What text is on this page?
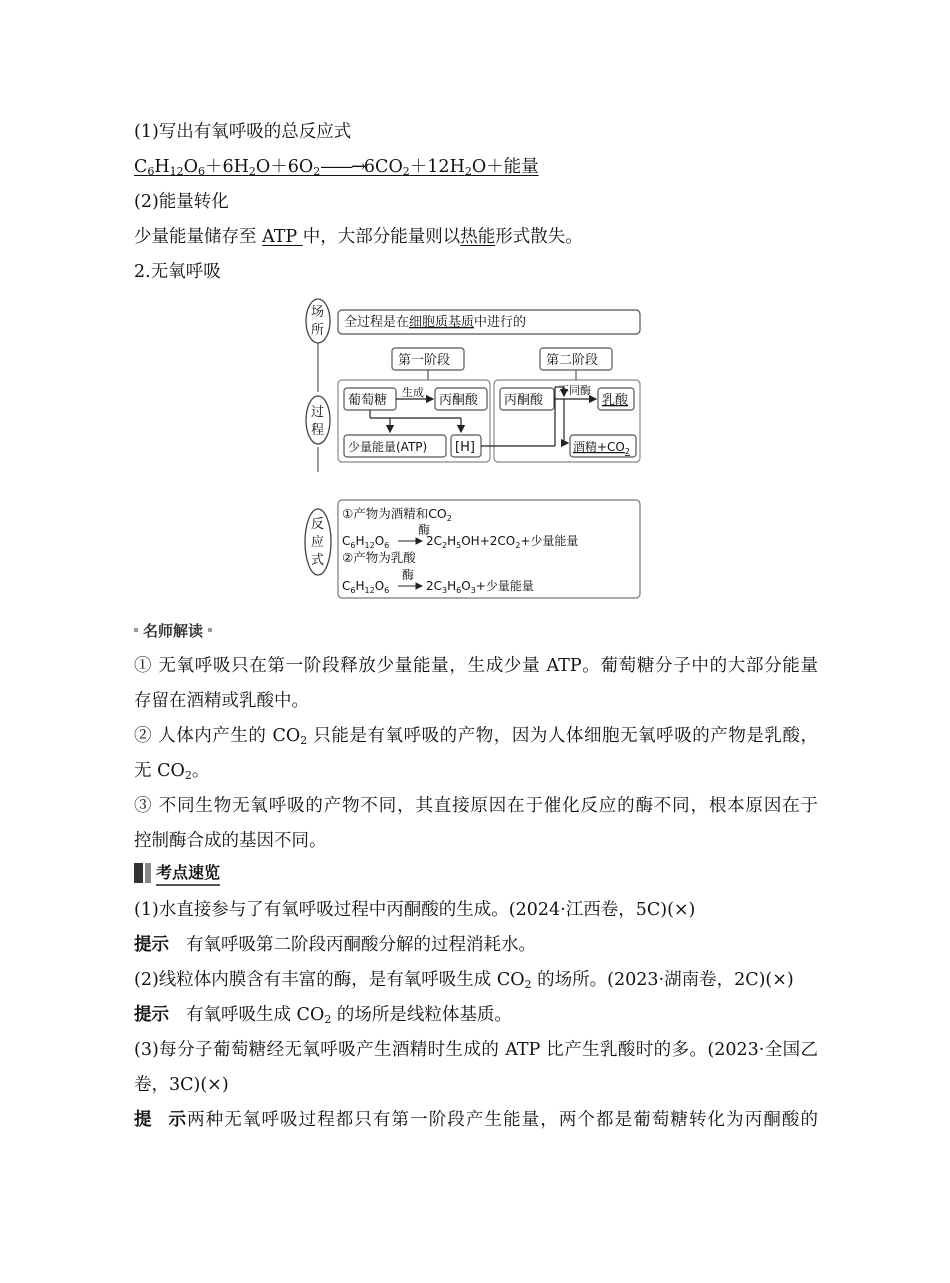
(1)写出有氧呼吸的总反应式
$C_6H_{12}O_6+6H_2O+6O_2——\to 6CO_2+12H_2O+$能量
(2)能量转化
少量能量储存至 ATP 中，大部分能量则以热能形式散失。
2.无氧呼吸
场所
全过程是在细胞质基质中进行的
第一阶段	第二阶段
过程
葡萄糖
生成
丙酮酸
少量能量(ATP) [H]
丙酮酸
不同酶
乳酸
酒精$+CO_2$
反应式
①产物为酒精和$CO_2$
酶
$C_6H_{12}O_6$	$2C_2H_5OH+2CO_2+$少量能量
②产物为乳酸
酶
$C_6H_{12}O_6$	$2C_3H_6O_3+$少量能量
名师解读
① 无氧呼吸只在第一阶段释放少量能量，生成少量 ATP。葡萄糖分子中的大部分能量
存留在酒精或乳酸中。
② 人体内产生的 $CO_2$ 只能是有氧呼吸的产物，因为人体细胞无氧呼吸的产物是乳酸，
无 $CO_2$。
③ 不同生物无氧呼吸的产物不同，其直接原因在于催化反应的酶不同，根本原因在于
控制酶合成的基因不同。
考点速览
(1)水直接参与了有氧呼吸过程中丙酮酸的生成。(2024·江西卷，5C)(×)
提示 有氧呼吸第二阶段丙酮酸分解的过程消耗水。
(2)线粒体内膜含有丰富的酶，是有氧呼吸生成 $CO_2$ 的场所。(2023·湖南卷，2C)(×)
提示 有氧呼吸生成 $CO_2$ 的场所是线粒体基质。
(3)每分子葡萄糖经无氧呼吸产生酒精时生成的 ATP 比产生乳酸时的多。(2023·全国乙
卷，3C)(×)
提示两种无氧呼吸过程都只有第一阶段产生能量，两个都是葡萄糖转化为丙酮酸的
